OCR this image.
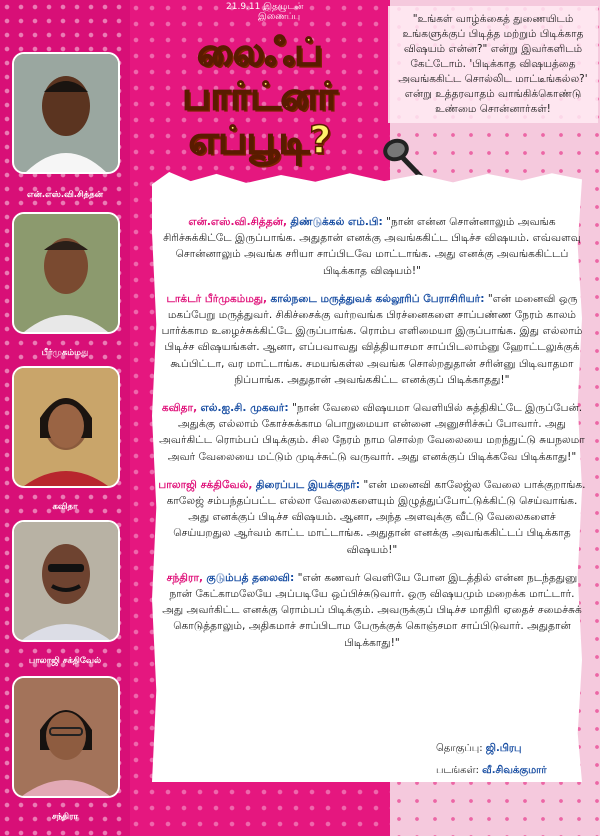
21.9.11 இதழுடன்
இணைப்பு
லைஃப் பார்ட்னர் எப்பூடி?
"உங்கள் வாழ்க்கைத் துணையிடம் உங்களுக்குப் பிடித்த மற்றும் பிடிக்காத விஷயம் என்ன?" என்று இவர்களிடம் கேட்டோம். 'பிடிக்காத விஷயத்தை அவங்ககிட்ட சொல்லிட மாட்டீங்கல்ல?' என்று உத்தரவாதம் வாங்கிக்கொண்டு உண்மை சொன்னார்கள்!
என்.எஸ்.வி.சித்தன்
பீர்முகம்மது
கவிதா
பாலாஜி சக்திவேல்
சந்திரா

என்.எஸ்.வி.சித்தன், திண்டுக்கல் எம்.பி: "நான் என்ன சொன்னாலும் அவங்க சிரிச்சுக்கிட்டே இருப்பாங்க. அதுதான் எனக்கு அவங்ககிட்ட பிடிச்ச விஷயம். எவ்வளவு சொன்னாலும் அவங்க சரியா சாப்பிடவே மாட்டாங்க. அது எனக்கு அவங்ககிட்டப் பிடிக்காத விஷயம்!"

டாக்டர் பீர்முகம்மது, கால்நடை மருத்துவக் கல்லூரிப் பேராசிரியர்: "என் மனைவி ஒரு மகப்பேறு மருத்துவர். சிகிச்சைக்கு வர்றவங்க பிரச்னைகளை சாப்பண்ண நேரம் காலம் பார்க்காம உழைச்சுக்கிட்டே இருப்பாங்க. ரொம்ப எளிமையா இருப்பாங்க. இது எல்லாம் பிடிச்ச விஷயங்கள். ஆனா, எப்பவாவது வித்தியாசமா சாப்பிடலாம்னு ஹோட்டலுக்குக் கூப்பிட்டா, வர மாட்டாங்க. சமயங்கள்ல அவங்க சொல்றதுதான் சரின்னு பிடிவாதமா நிப்பாங்க. அதுதான் அவங்ககிட்ட எனக்குப் பிடிக்காதது!"

கவிதா, எல்.ஐ.சி. முகவர்: "நான் வேலை விஷயமா வெளியில் சுத்திகிட்டே இருப்பேன். அதுக்கு எல்லாம் கோச்சுக்காம பொறுமையா என்னை அனுசரிச்சுப் போவார். அது அவர்கிட்ட ரொம்பப் பிடிக்கும். சில நேரம் நாம சொல்ற வேலையை மறந்துட்டு சுயநலமா அவர் வேலையை மட்டும் முடிச்சுட்டு வருவார். அது எனக்குப் பிடிக்கவே பிடிக்காது!"

பாலாஜி சக்திவேல், திரைப்பட இயக்குநர்: "என் மனைவி காலேஜ்ல வேலை பாக்குறாங்க. காலேஜ் சம்பந்தப்பட்ட எல்லா வேலைகளையும் இழுத்துப்போட்டுக்கிட்டு செய்வாங்க. அது எனக்குப் பிடிச்ச விஷயம். ஆனா, அந்த அளவுக்கு வீட்டு வேலைகளைச் செய்யறதுல ஆர்வம் காட்ட மாட்டாங்க. அதுதான் எனக்கு அவங்ககிட்டப் பிடிக்காத விஷயம்!"

சந்திரா, குடும்பத் தலைவி: "என் கணவர் வெளியே போன இடத்தில் என்ன நடந்ததுனு நான் கேட்காமலேயே அப்படியே ஒப்பிச்சுடுவார். ஒரு விஷயமும் மறைக்க மாட்டார். அது அவர்கிட்ட எனக்கு ரொம்பப் பிடிக்கும். அவருக்குப் பிடிச்ச மாதிரி ஏதைச் சமைச்சுக் கொடுத்தாலும், அதிகமாச் சாப்பிடாம பேருக்குக் கொஞ்சமா சாப்பிடுவார். அதுதான் பிடிக்காது!"

தொகுப்பு: ஜி.பிரபு
படங்கள்: வீ.சிவக்குமார்
